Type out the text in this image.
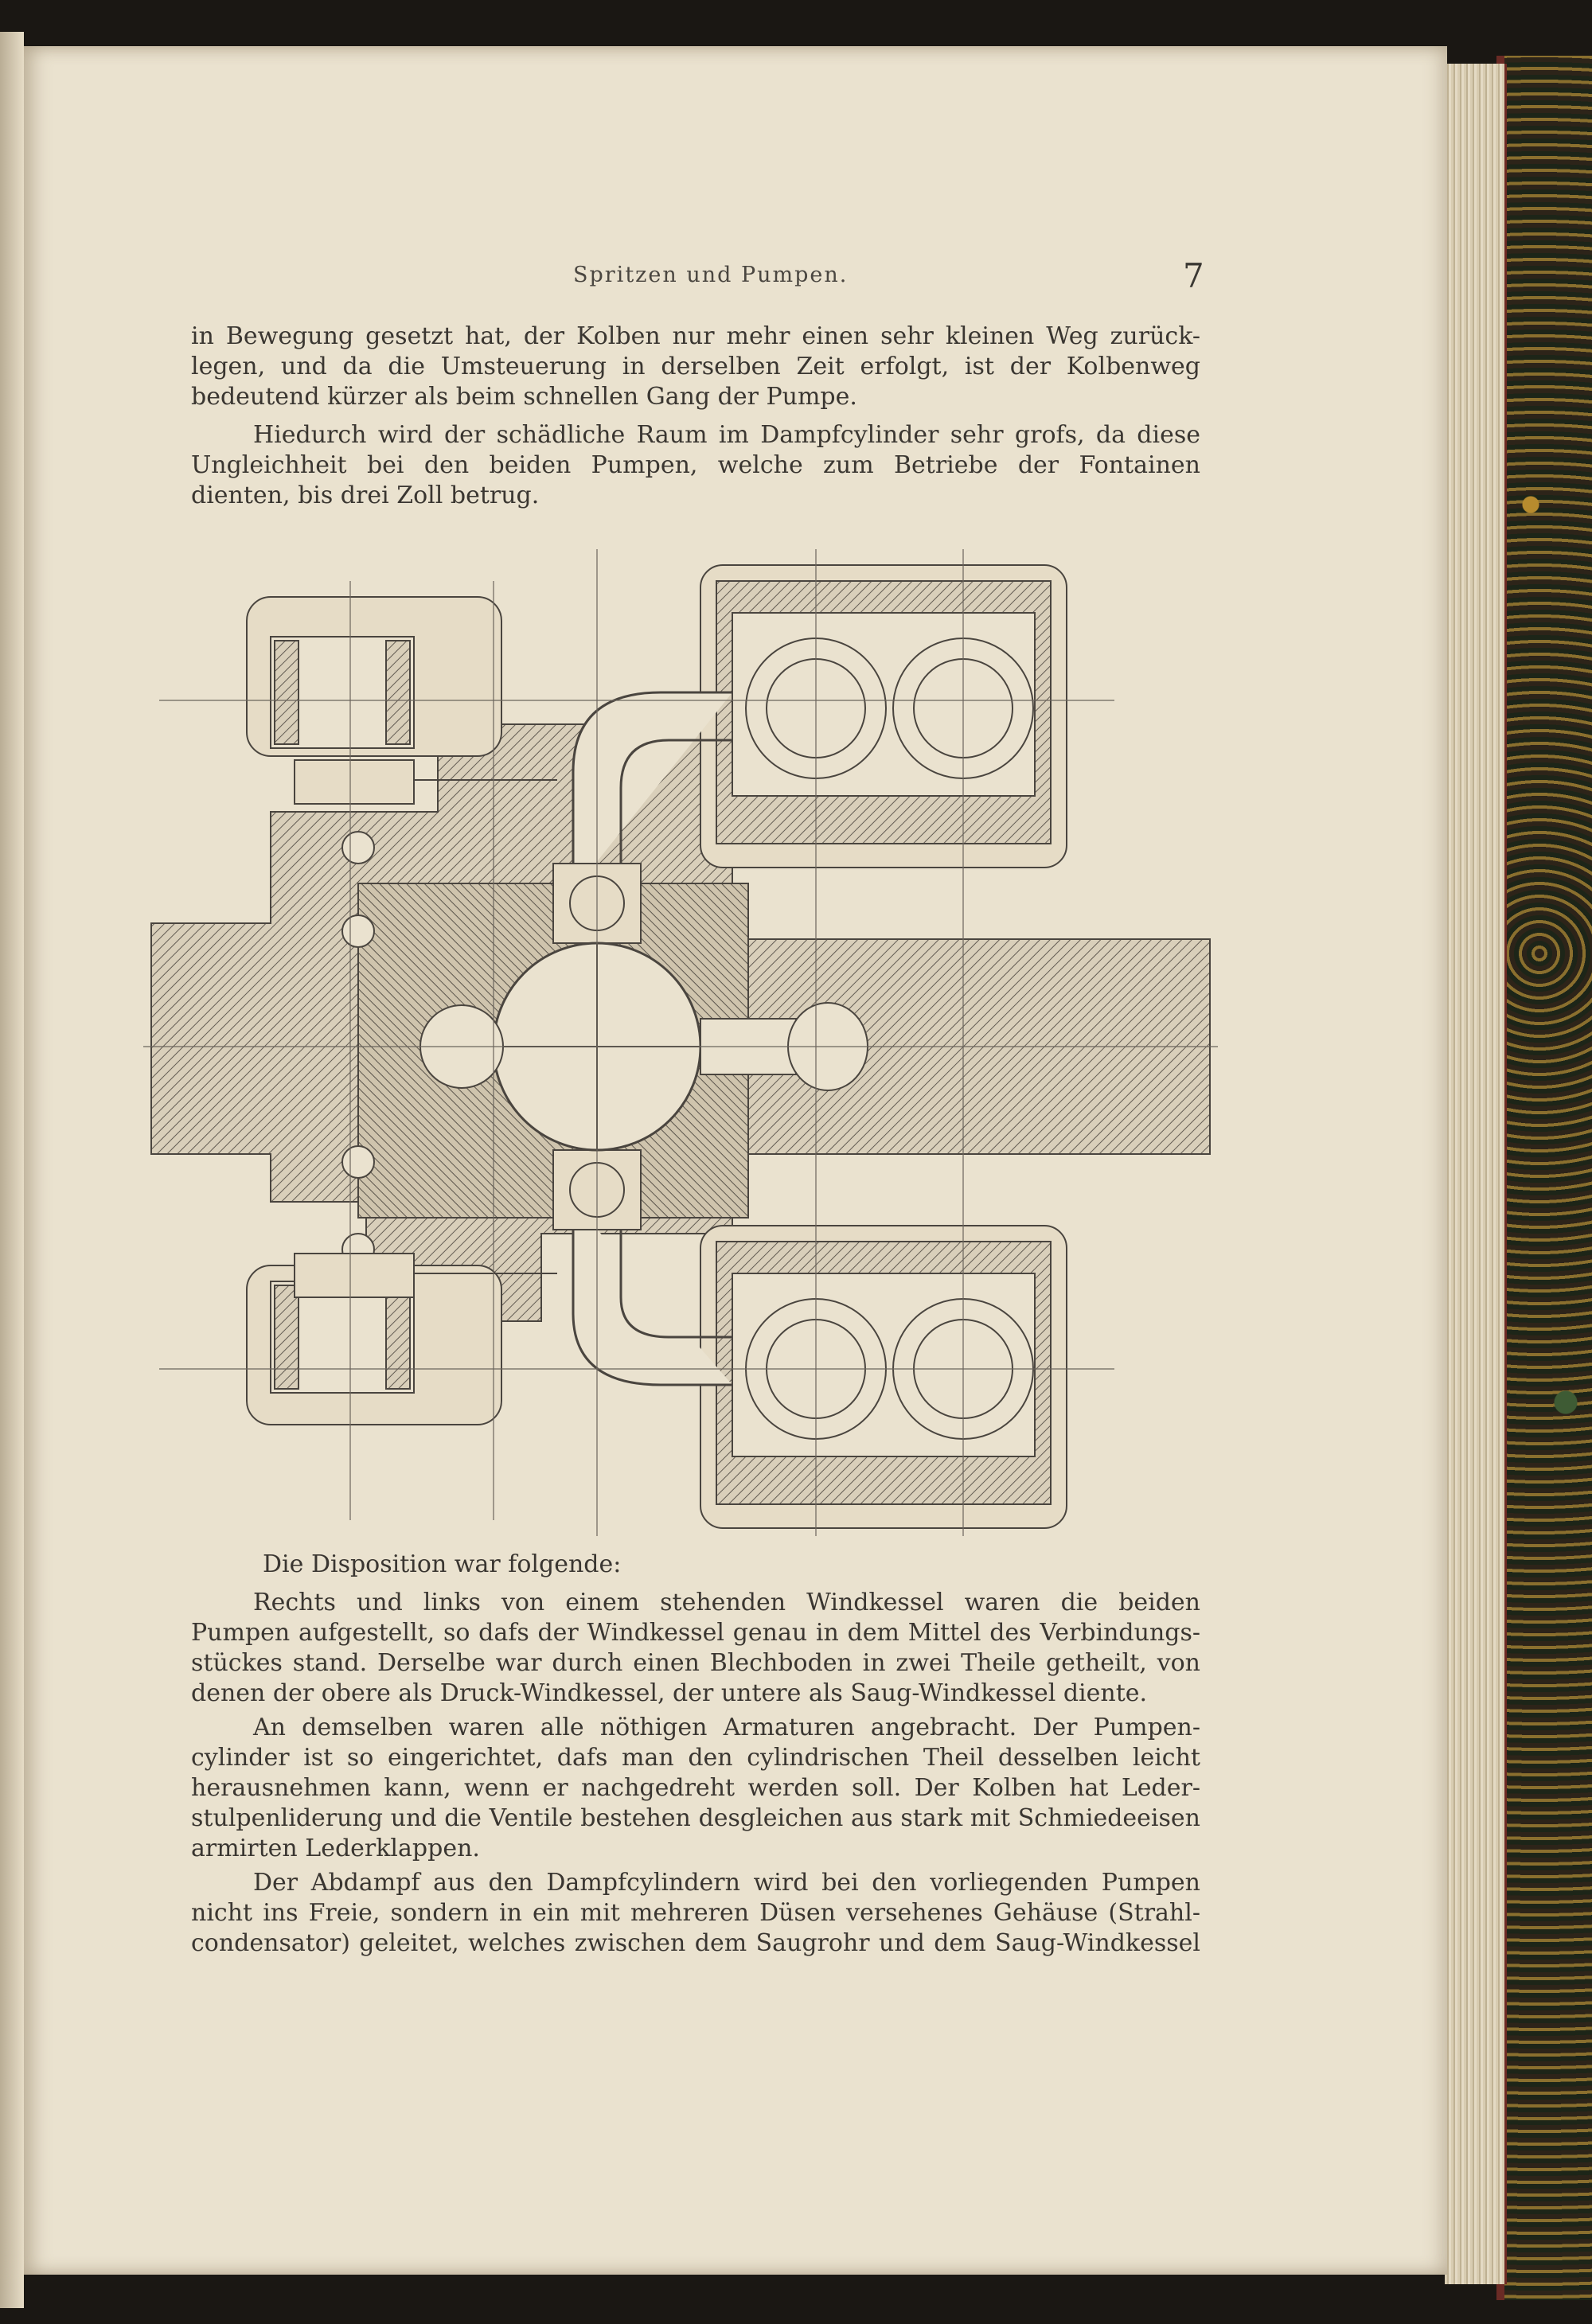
Spritzen und Pumpen.	7
in Bewegung gesetzt hat, der Kolben nur mehr einen sehr kleinen Weg zurück-
legen, und da die Umsteuerung in derselben Zeit erfolgt, ist der Kolbenweg
bedeutend kürzer als beim schnellen Gang der Pumpe.
Hiedurch wird der schädliche Raum im Dampfcylinder sehr grofs, da diese
Ungleichheit bei den beiden Pumpen, welche zum Betriebe der Fontainen
dienten, bis drei Zoll betrug.
Die Disposition war folgende:
Rechts und links von einem stehenden Windkessel waren die beiden
Pumpen aufgestellt, so dafs der Windkessel genau in dem Mittel des Verbindungs-
stückes stand. Derselbe war durch einen Blechboden in zwei Theile getheilt, von
denen der obere als Druck-Windkessel, der untere als Saug-Windkessel diente.
An demselben waren alle nöthigen Armaturen angebracht. Der Pumpen-
cylinder ist so eingerichtet, dafs man den cylindrischen Theil desselben leicht
herausnehmen kann, wenn er nachgedreht werden soll. Der Kolben hat Leder-
stulpenliderung und die Ventile bestehen desgleichen aus stark mit Schmiedeeisen
armirten Lederklappen.
Der Abdampf aus den Dampfcylindern wird bei den vorliegenden Pumpen
nicht ins Freie, sondern in ein mit mehreren Düsen versehenes Gehäuse (Strahl-
condensator) geleitet, welches zwischen dem Saugrohr und dem Saug-Windkessel
